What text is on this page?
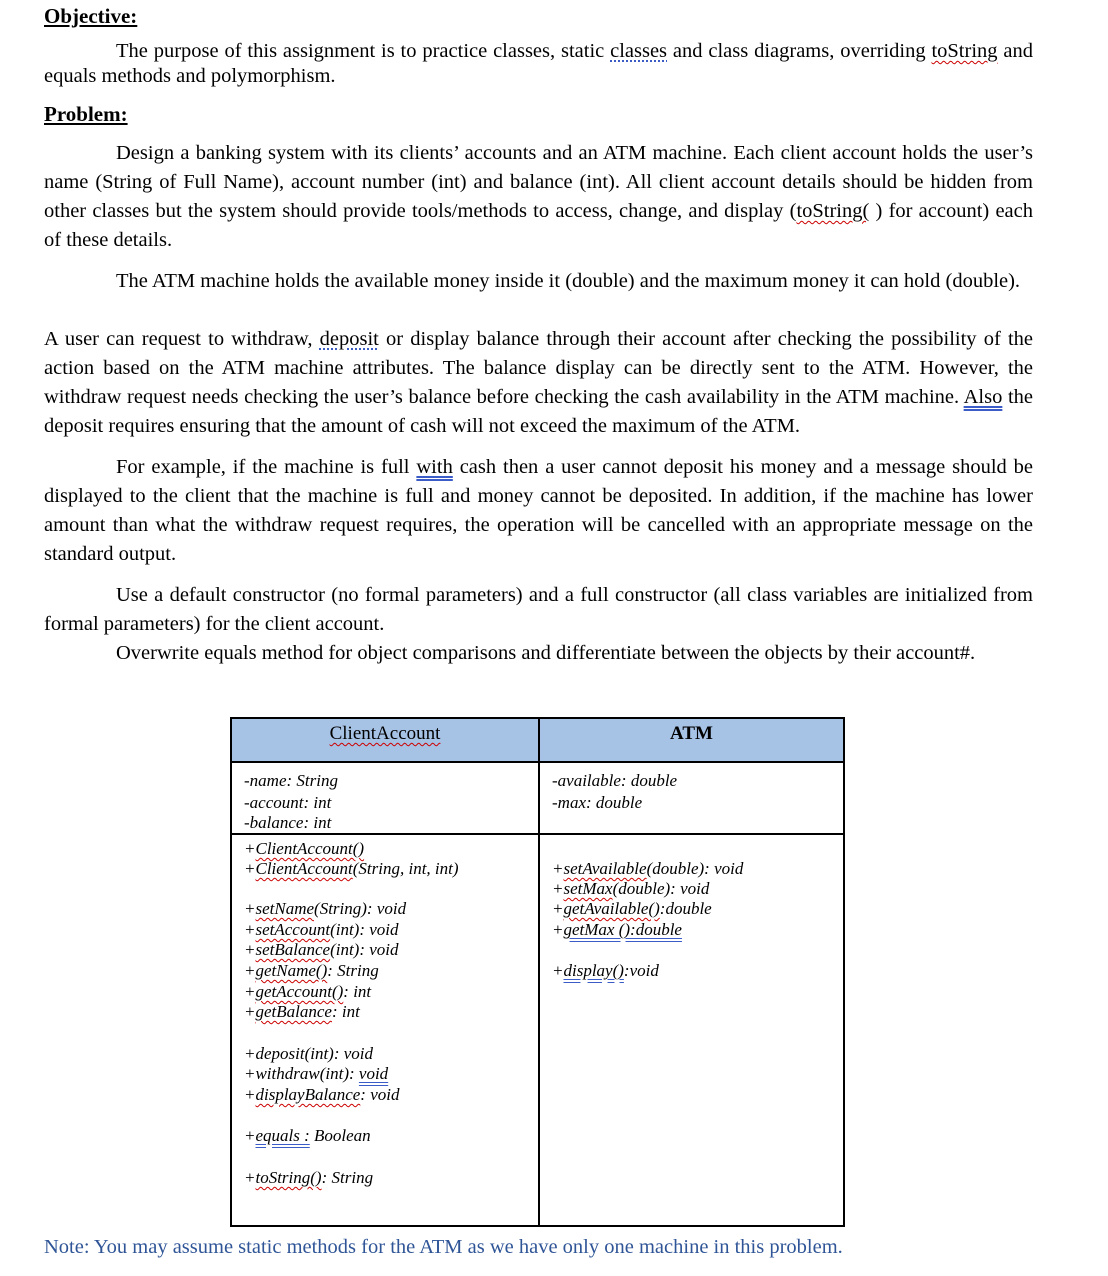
Objective:
The purpose of this assignment is to practice classes, static classes and class diagrams, overriding toString and equals methods and polymorphism.
Problem:
Design a banking system with its clients’ accounts and an ATM machine. Each client account holds the user’s name (String of Full Name), account number (int) and balance (int). All client account details should be hidden from other classes but the system should provide tools/methods to access, change, and display (toString( ) for account) each of these details.
The ATM machine holds the available money inside it (double) and the maximum money it can hold (double).
A user can request to withdraw, deposit or display balance through their account after checking the possibility of the action based on the ATM machine attributes. The balance display can be directly sent to the ATM. However, the withdraw request needs checking the user’s balance before checking the cash availability in the ATM machine. Also the deposit requires ensuring that the amount of cash will not exceed the maximum of the ATM.
For example, if the machine is full with cash then a user cannot deposit his money and a message should be displayed to the client that the machine is full and money cannot be deposited. In addition, if the machine has lower amount than what the withdraw request requires, the operation will be cancelled with an appropriate message on the standard output.
Use a default constructor (no formal parameters) and a full constructor (all class variables are initialized from formal parameters) for the client account.
Overwrite equals method for object comparisons and differentiate between the objects by their account#.
ClientAccount
-name: String
-account: int
-balance: int
+ClientAccount()
+ClientAccount(String, int, int)
+setName(String): void
+setAccount(int): void
+setBalance(int): void
+getName(): String
+getAccount(): int
+getBalance: int
+deposit(int): void
+withdraw(int): void
+displayBalance: void
+equals : Boolean
+toString(): String
ATM
-available: double
-max: double
+setAvailable(double): void
+setMax(double): void
+getAvailable():double
+getMax ():double
+display():void
Note: You may assume static methods for the ATM as we have only one machine in this problem.
